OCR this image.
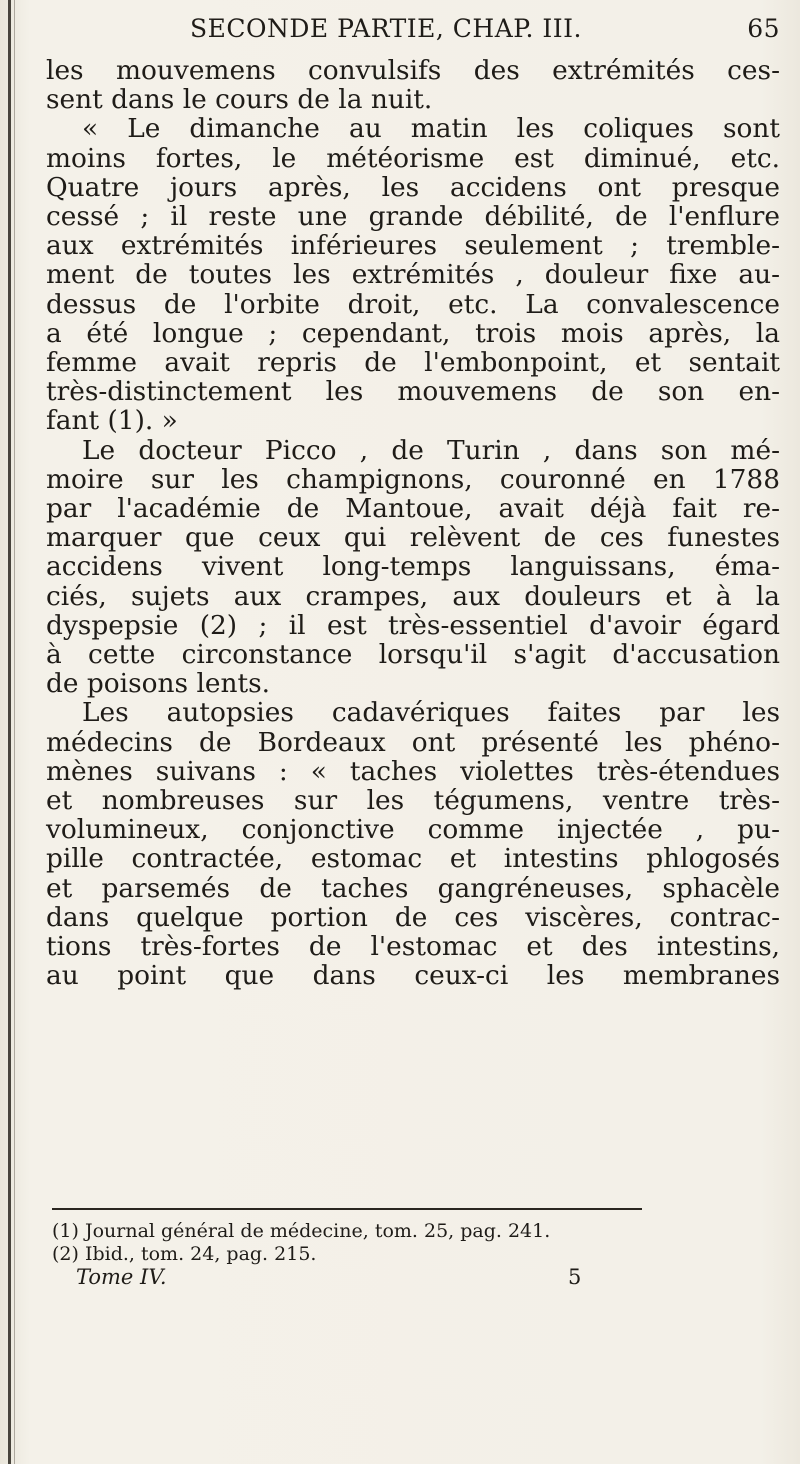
SECONDE PARTIE, CHAP. III.	65
les mouvemens convulsifs des extrémités ces-
sent dans le cours de la nuit.
« Le dimanche au matin les coliques sont
moins fortes, le météorisme est diminué, etc.
Quatre jours après, les accidens ont presque
cessé ; il reste une grande débilité, de l'enflure
aux extrémités inférieures seulement ; tremble-
ment de toutes les extrémités , douleur fixe au-
dessus de l'orbite droit, etc. La convalescence
a été longue ; cependant, trois mois après, la
femme avait repris de l'embonpoint, et sentait
très-distinctement les mouvemens de son en-
fant (1). »
Le docteur Picco , de Turin , dans son mé-
moire sur les champignons, couronné en 1788
par l'académie de Mantoue, avait déjà fait re-
marquer que ceux qui relèvent de ces funestes
accidens vivent long-temps languissans, éma-
ciés, sujets aux crampes, aux douleurs et à la
dyspepsie (2) ; il est très-essentiel d'avoir égard
à cette circonstance lorsqu'il s'agit d'accusation
de poisons lents.
Les autopsies cadavériques faites par les
médecins de Bordeaux ont présenté les phéno-
mènes suivans : « taches violettes très-étendues
et nombreuses sur les tégumens, ventre très-
volumineux, conjonctive comme injectée , pu-
pille contractée, estomac et intestins phlogosés
et parsemés de taches gangréneuses, sphacèle
dans quelque portion de ces viscères, contrac-
tions très-fortes de l'estomac et des intestins,
au point que dans ceux-ci les membranes
(1) Journal général de médecine, tom. 25, pag. 241.
(2) Ibid., tom. 24, pag. 215.
Tome IV.	5
